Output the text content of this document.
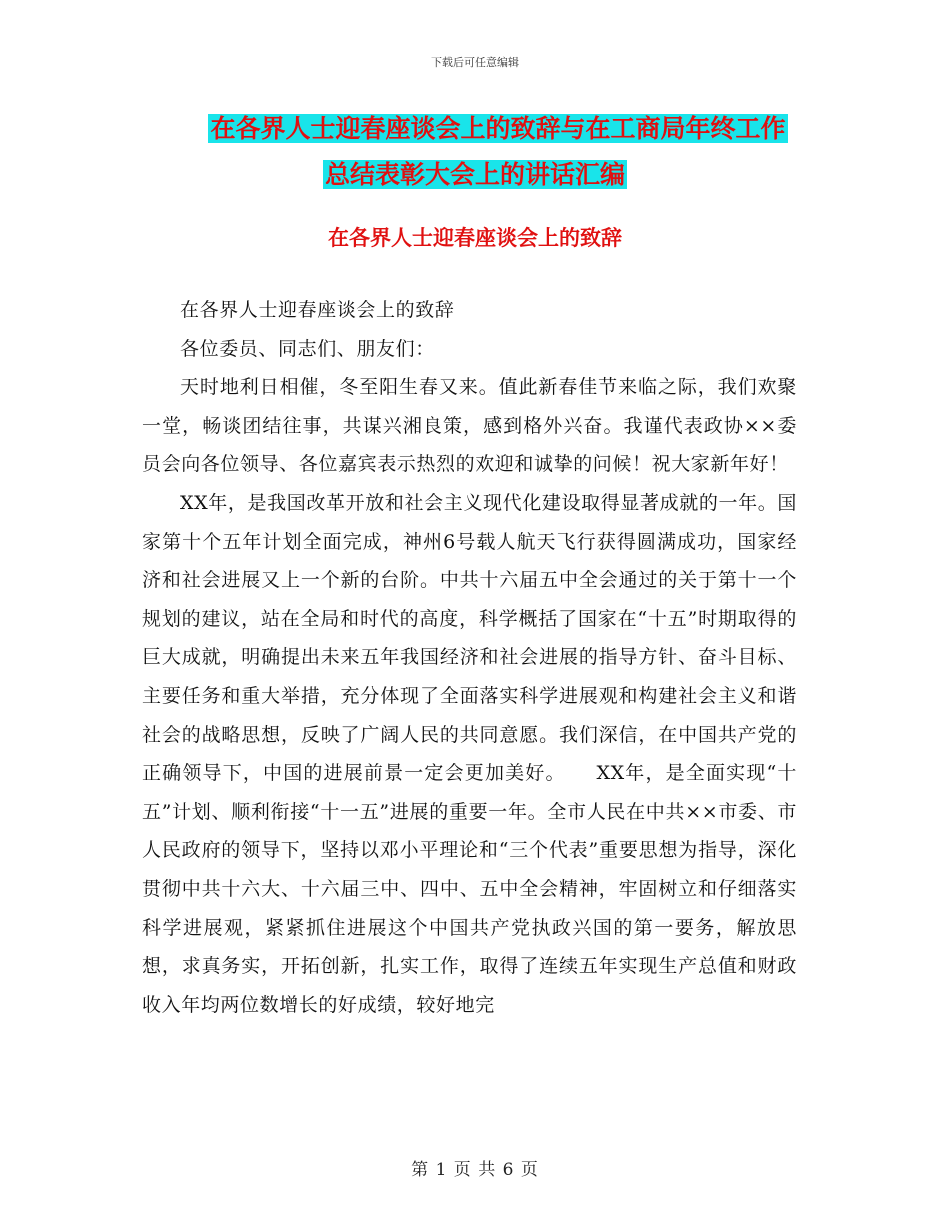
下载后可任意编辑
在各界人士迎春座谈会上的致辞与在工商局年终工作
总结表彰大会上的讲话汇编
在各界人士迎春座谈会上的致辞

在各界人士迎春座谈会上的致辞

各位委员、同志们、朋友们：

天时地利日相催，冬至阳生春又来。值此新春佳节来临之际，我们欢聚一堂，畅谈团结往事，共谋兴湘良策，感到格外兴奋。我谨代表政协××委员会向各位领导、各位嘉宾表示热烈的欢迎和诚挚的问候！祝大家新年好！

XX年，是我国改革开放和社会主义现代化建设取得显著成就的一年。国家第十个五年计划全面完成，神州6号载人航天飞行获得圆满成功，国家经济和社会进展又上一个新的台阶。中共十六届五中全会通过的关于第十一个规划的建议，站在全局和时代的高度，科学概括了国家在“十五”时期取得的巨大成就，明确提出未来五年我国经济和社会进展的指导方针、奋斗目标、主要任务和重大举措，充分体现了全面落实科学进展观和构建社会主义和谐社会的战略思想，反映了广阔人民的共同意愿。我们深信，在中国共产党的正确领导下，中国的进展前景一定会更加美好。　　XX年，是全面实现“十五”计划、顺利衔接“十一五”进展的重要一年。全市人民在中共××市委、市人民政府的领导下，坚持以邓小平理论和“三个代表”重要思想为指导，深化贯彻中共十六大、十六届三中、四中、五中全会精神，牢固树立和仔细落实科学进展观，紧紧抓住进展这个中国共产党执政兴国的第一要务，解放思想，求真务实，开拓创新，扎实工作，取得了连续五年实现生产总值和财政收入年均两位数增长的好成绩，较好地完

第 1 页 共 6 页
